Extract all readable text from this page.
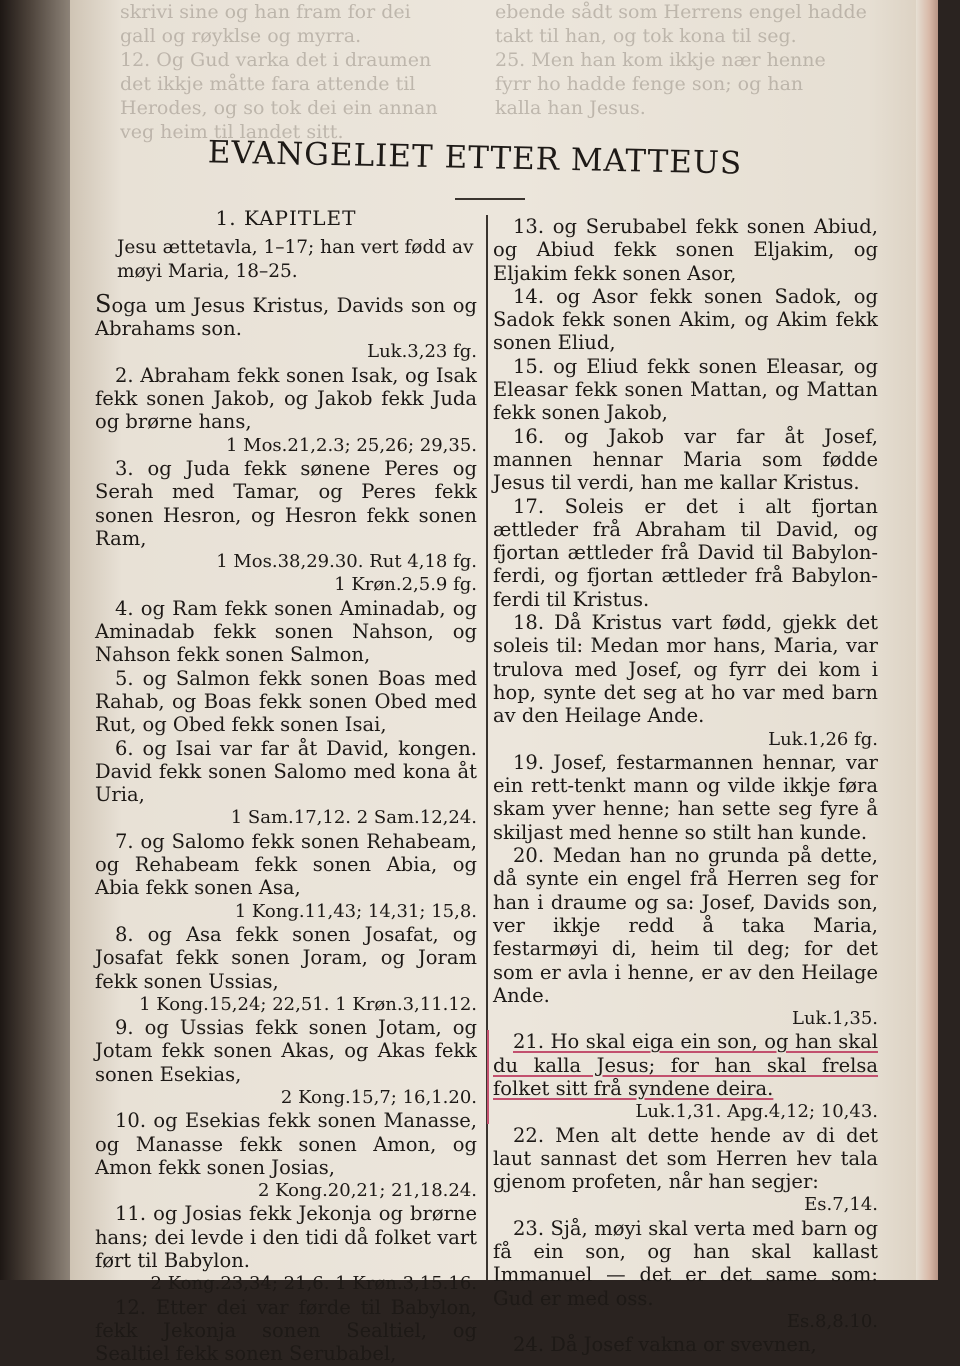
skrivi sine og han fram for dei
gall og røyklse og myrra.
12. Og Gud varka det i draumen
det ikkje måtte fara attende til
Herodes, og so tok dei ein annan
veg heim til landet sitt.
ebende sådt som Herrens engel hadde
takt til han, og tok kona til seg.
25. Men han kom ikkje nær henne
fyrr ho hadde fenge son; og han
kalla han Jesus.
EVANGELIET ETTER MATTEUS

1. KAPITLET

Jesu ættetavla, 1–17; han vert fødd av møyi Maria, 18–25.

Soga um Jesus Kristus, Davids son og Abrahams son.

Luk.3,23 fg.

2. Abraham fekk sonen Isak, og Isak fekk sonen Jakob, og Jakob fekk Juda og brørne hans,

1 Mos.21,2.3; 25,26; 29,35.

3. og Juda fekk sønene Peres og Serah med Tamar, og Peres fekk sonen Hesron, og Hesron fekk sonen Ram,

1 Mos.38,29.30. Rut 4,18 fg.

1 Krøn.2,5.9 fg.

4. og Ram fekk sonen Aminadab, og Aminadab fekk sonen Nahson, og Nahson fekk sonen Salmon,

5. og Salmon fekk sonen Boas med Rahab, og Boas fekk sonen Obed med Rut, og Obed fekk sonen Isai,

6. og Isai var far åt David, kongen. David fekk sonen Salomo med kona åt Uria,

1 Sam.17,12. 2 Sam.12,24.

7. og Salomo fekk sonen Rehabeam, og Rehabeam fekk sonen Abia, og Abia fekk sonen Asa,

1 Kong.11,43; 14,31; 15,8.

8. og Asa fekk sonen Josafat, og Josafat fekk sonen Joram, og Joram fekk sonen Ussias,

1 Kong.15,24; 22,51. 1 Krøn.3,11.12.

9. og Ussias fekk sonen Jotam, og Jotam fekk sonen Akas, og Akas fekk sonen Esekias,

2 Kong.15,7; 16,1.20.

10. og Esekias fekk sonen Manasse, og Manasse fekk sonen Amon, og Amon fekk sonen Josias,

2 Kong.20,21; 21,18.24.

11. og Josias fekk Jekonja og brørne hans; dei levde i den tidi då folket vart ført til Babylon.

2 Kong.23,34; 21,6. 1 Krøn.3,15.16.

12. Etter dei var førde til Babylon, fekk Jekonja sonen Sealtiel, og Sealtiel fekk sonen Serubabel,

13. og Serubabel fekk sonen Abiud, og Abiud fekk sonen Eljakim, og Eljakim fekk sonen Asor,

14. og Asor fekk sonen Sadok, og Sadok fekk sonen Akim, og Akim fekk sonen Eliud,

15. og Eliud fekk sonen Eleasar, og Eleasar fekk sonen Mattan, og Mattan fekk sonen Jakob,

16. og Jakob var far åt Josef, mannen hennar Maria som fødde Jesus til verdi, han me kallar Kristus.

17. Soleis er det i alt fjortan ættleder frå Abraham til David, og fjortan ættleder frå David til Babylon-ferdi, og fjortan ættleder frå Babylon-ferdi til Kristus.

18. Då Kristus vart fødd, gjekk det soleis til: Medan mor hans, Maria, var trulova med Josef, og fyrr dei kom i hop, synte det seg at ho var med barn av den Heilage Ande.

Luk.1,26 fg.

19. Josef, festarmannen hennar, var ein rett-tenkt mann og vilde ikkje føra skam yver henne; han sette seg fyre å skiljast med henne so stilt han kunde.

20. Medan han no grunda på dette, då synte ein engel frå Herren seg for han i draume og sa: Josef, Davids son, ver ikkje redd å taka Maria, festarmøyi di, heim til deg; for det som er avla i henne, er av den Heilage Ande.

Luk.1,35.

21. Ho skal eiga ein son, og han skal du kalla Jesus; for han skal frelsa folket sitt frå syndene deira.

Luk.1,31. Apg.4,12; 10,43.

22. Men alt dette hende av di det laut sannast det som Herren hev tala gjenom profeten, når han segjer:

Es.7,14.

23. Sjå, møyi skal verta med barn og få ein son, og han skal kallast Immanuel — det er det same som: Gud er med oss.

Es.8,8.10.

24. Då Josef vakna or svevnen,
